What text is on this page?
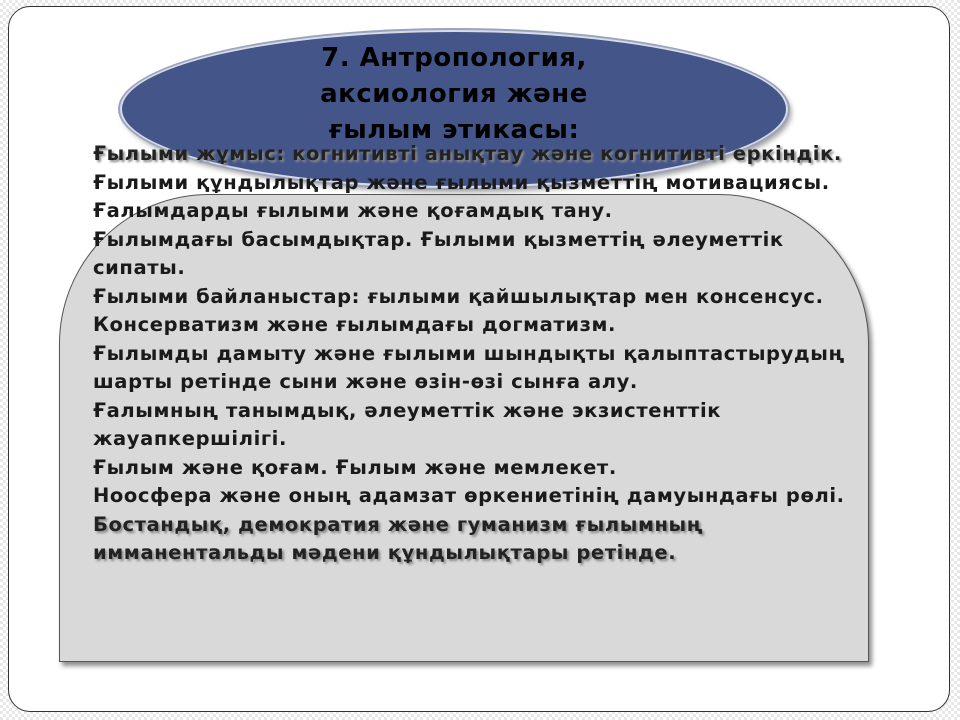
7. Антропология,
аксиология және
ғылым этикасы:
Ғылыми жұмыс: когнитивті анықтау және когнитивті еркіндік.
Ғылыми құндылықтар және ғылыми қызметтің мотивациясы.
Ғалымдарды ғылыми және қоғамдық тану.
Ғылымдағы басымдықтар. Ғылыми қызметтің әлеуметтік сипаты.
Ғылыми байланыстар: ғылыми қайшылықтар мен консенсус.
Консерватизм және ғылымдағы догматизм.
Ғылымды дамыту және ғылыми шындықты қалыптастырудың шарты ретінде сыни және өзін-өзі сынға алу.
Ғалымның танымдық, әлеуметтік және экзистенттік жауапкершілігі.
Ғылым және қоғам. Ғылым және мемлекет.
Ноосфера және оның адамзат өркениетінің дамуындағы рөлі.
Бостандық, демократия және гуманизм ғылымның имманентальды мәдени құндылықтары ретінде.
